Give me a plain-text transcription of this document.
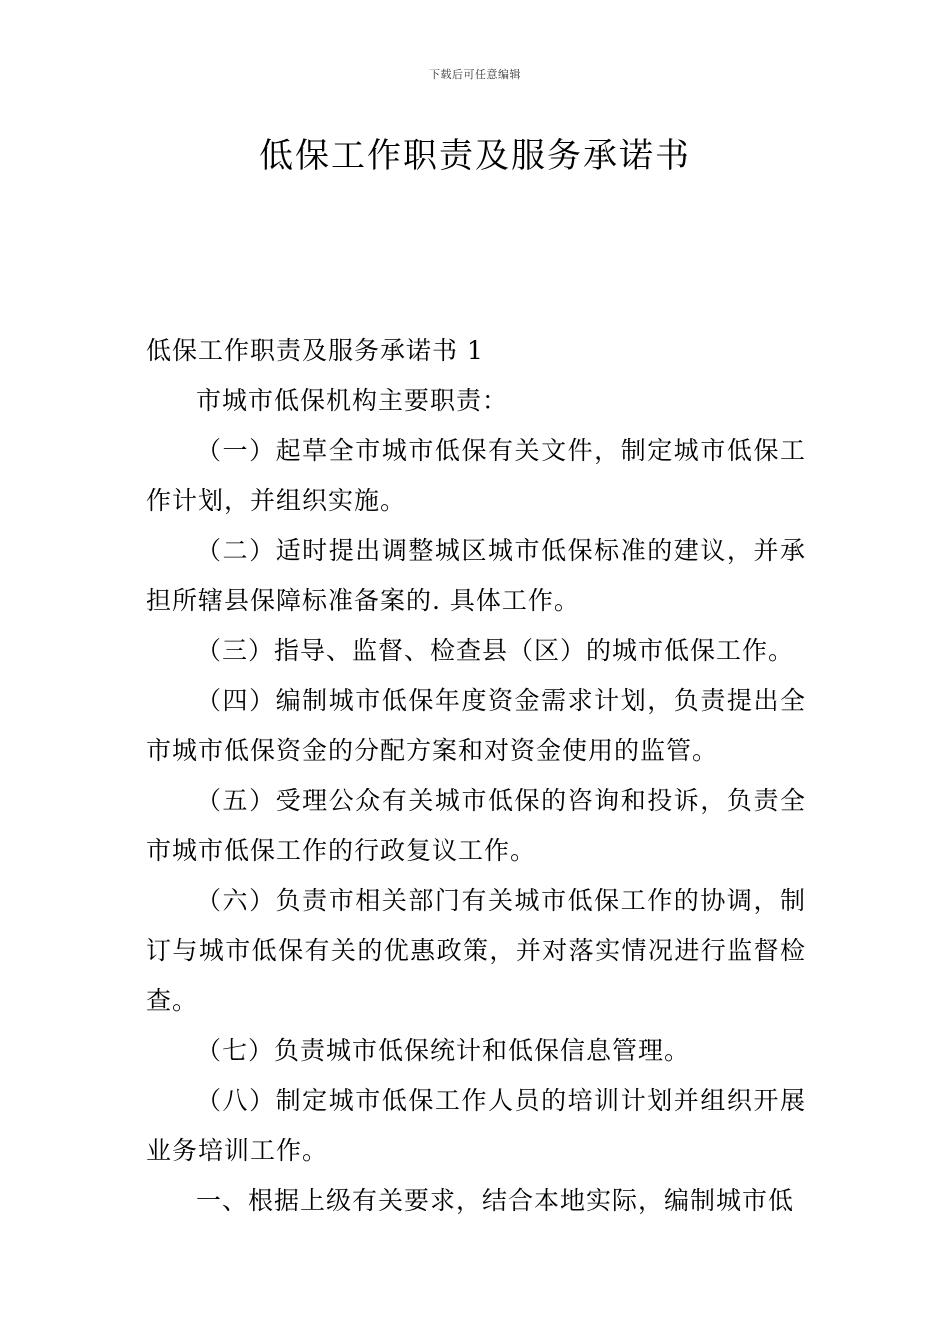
下载后可任意编辑
低保工作职责及服务承诺书

低保工作职责及服务承诺书 1

市城市低保机构主要职责：

（一）起草全市城市低保有关文件，制定城市低保工作计划，并组织实施。

（二）适时提出调整城区城市低保标准的建议，并承担所辖县保障标准备案的. 具体工作。

（三）指导、监督、检查县（区）的城市低保工作。

（四）编制城市低保年度资金需求计划，负责提出全市城市低保资金的分配方案和对资金使用的监管。

（五）受理公众有关城市低保的咨询和投诉，负责全市城市低保工作的行政复议工作。

（六）负责市相关部门有关城市低保工作的协调，制订与城市低保有关的优惠政策，并对落实情况进行监督检查。

（七）负责城市低保统计和低保信息管理。

（八）制定城市低保工作人员的培训计划并组织开展业务培训工作。

一、根据上级有关要求，结合本地实际，编制城市低
